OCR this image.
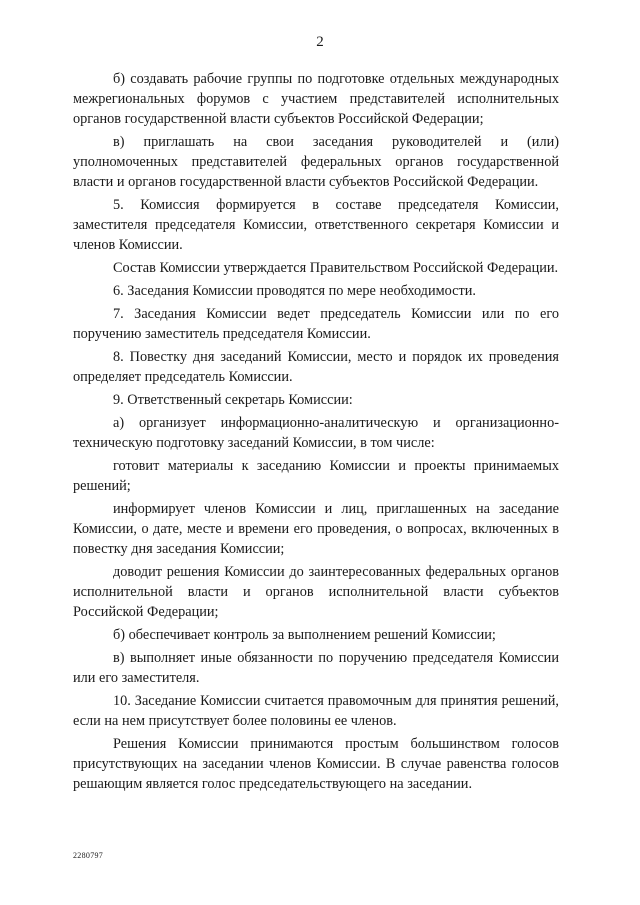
2

б) создавать рабочие группы по подготовке отдельных международных межрегиональных форумов с участием представителей исполнительных органов государственной власти субъектов Российской Федерации;

в) приглашать на свои заседания руководителей и (или) уполномоченных представителей федеральных органов государственной власти и органов государственной власти субъектов Российской Федерации.

5. Комиссия формируется в составе председателя Комиссии, заместителя председателя Комиссии, ответственного секретаря Комиссии и членов Комиссии.

Состав Комиссии утверждается Правительством Российской Федерации.

6. Заседания Комиссии проводятся по мере необходимости.

7. Заседания Комиссии ведет председатель Комиссии или по его поручению заместитель председателя Комиссии.

8. Повестку дня заседаний Комиссии, место и порядок их проведения определяет председатель Комиссии.

9. Ответственный секретарь Комиссии:

а) организует информационно-аналитическую и организационно-техническую подготовку заседаний Комиссии, в том числе:

готовит материалы к заседанию Комиссии и проекты принимаемых решений;

информирует членов Комиссии и лиц, приглашенных на заседание Комиссии, о дате, месте и времени его проведения, о вопросах, включенных в повестку дня заседания Комиссии;

доводит решения Комиссии до заинтересованных федеральных органов исполнительной власти и органов исполнительной власти субъектов Российской Федерации;

б) обеспечивает контроль за выполнением решений Комиссии;

в) выполняет иные обязанности по поручению председателя Комиссии или его заместителя.

10. Заседание Комиссии считается правомочным для принятия решений, если на нем присутствует более половины ее членов.

Решения Комиссии принимаются простым большинством голосов присутствующих на заседании членов Комиссии. В случае равенства голосов решающим является голос председательствующего на заседании.

2280797
